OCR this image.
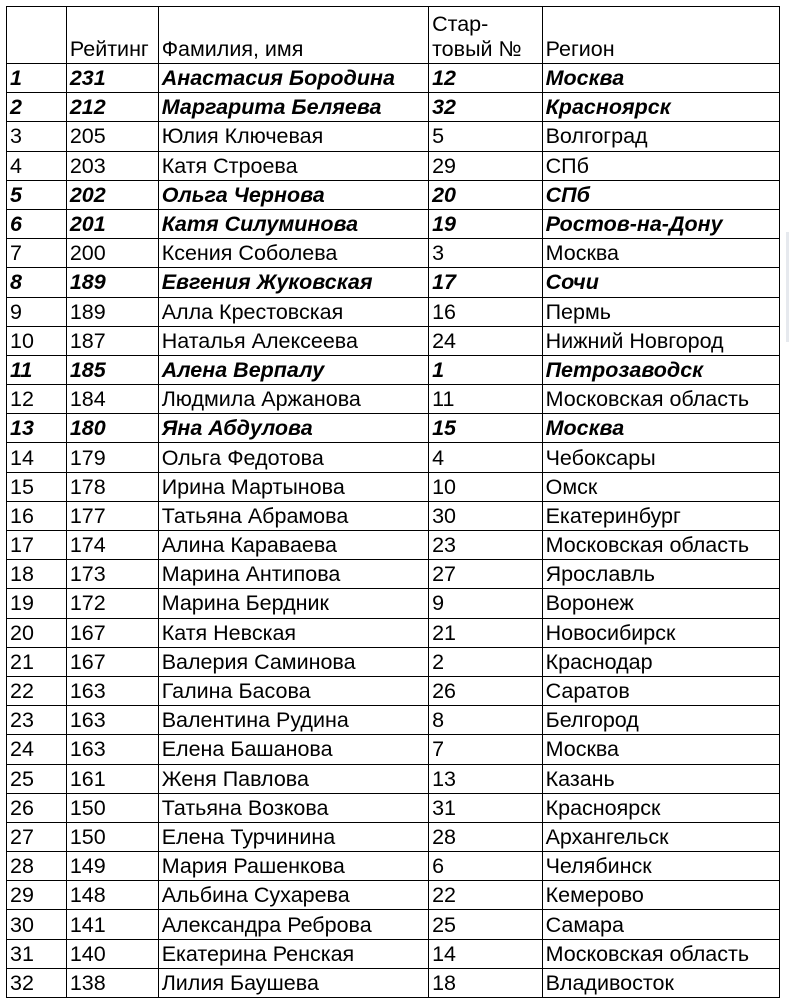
	Рейтинг	Фамилия, имя	Стар-
товый №	Регион
1	231	Анастасия Бородина	12	Москва
2	212	Маргарита Беляева	32	Красноярск
3	205	Юлия Ключевая	5	Волгоград
4	203	Катя Строева	29	СПб
5	202	Ольга Чернова	20	СПб
6	201	Катя Силуминова	19	Ростов-на-Дону
7	200	Ксения Соболева	3	Москва
8	189	Евгения Жуковская	17	Сочи
9	189	Алла Крестовская	16	Пермь
10	187	Наталья Алексеева	24	Нижний Новгород
11	185	Алена Верпалу	1	Петрозаводск
12	184	Людмила Аржанова	11	Московская область
13	180	Яна Абдулова	15	Москва
14	179	Ольга Федотова	4	Чебоксары
15	178	Ирина Мартынова	10	Омск
16	177	Татьяна Абрамова	30	Екатеринбург
17	174	Алина Караваева	23	Московская область
18	173	Марина Антипова	27	Ярославль
19	172	Марина Бердник	9	Воронеж
20	167	Катя Невская	21	Новосибирск
21	167	Валерия Саминова	2	Краснодар
22	163	Галина Басова	26	Саратов
23	163	Валентина Рудина	8	Белгород
24	163	Елена Башанова	7	Москва
25	161	Женя Павлова	13	Казань
26	150	Татьяна Возкова	31	Красноярск
27	150	Елена Турчинина	28	Архангельск
28	149	Мария Рашенкова	6	Челябинск
29	148	Альбина Сухарева	22	Кемерово
30	141	Александра Реброва	25	Самара
31	140	Екатерина Ренская	14	Московская область
32	138	Лилия Баушева	18	Владивосток
